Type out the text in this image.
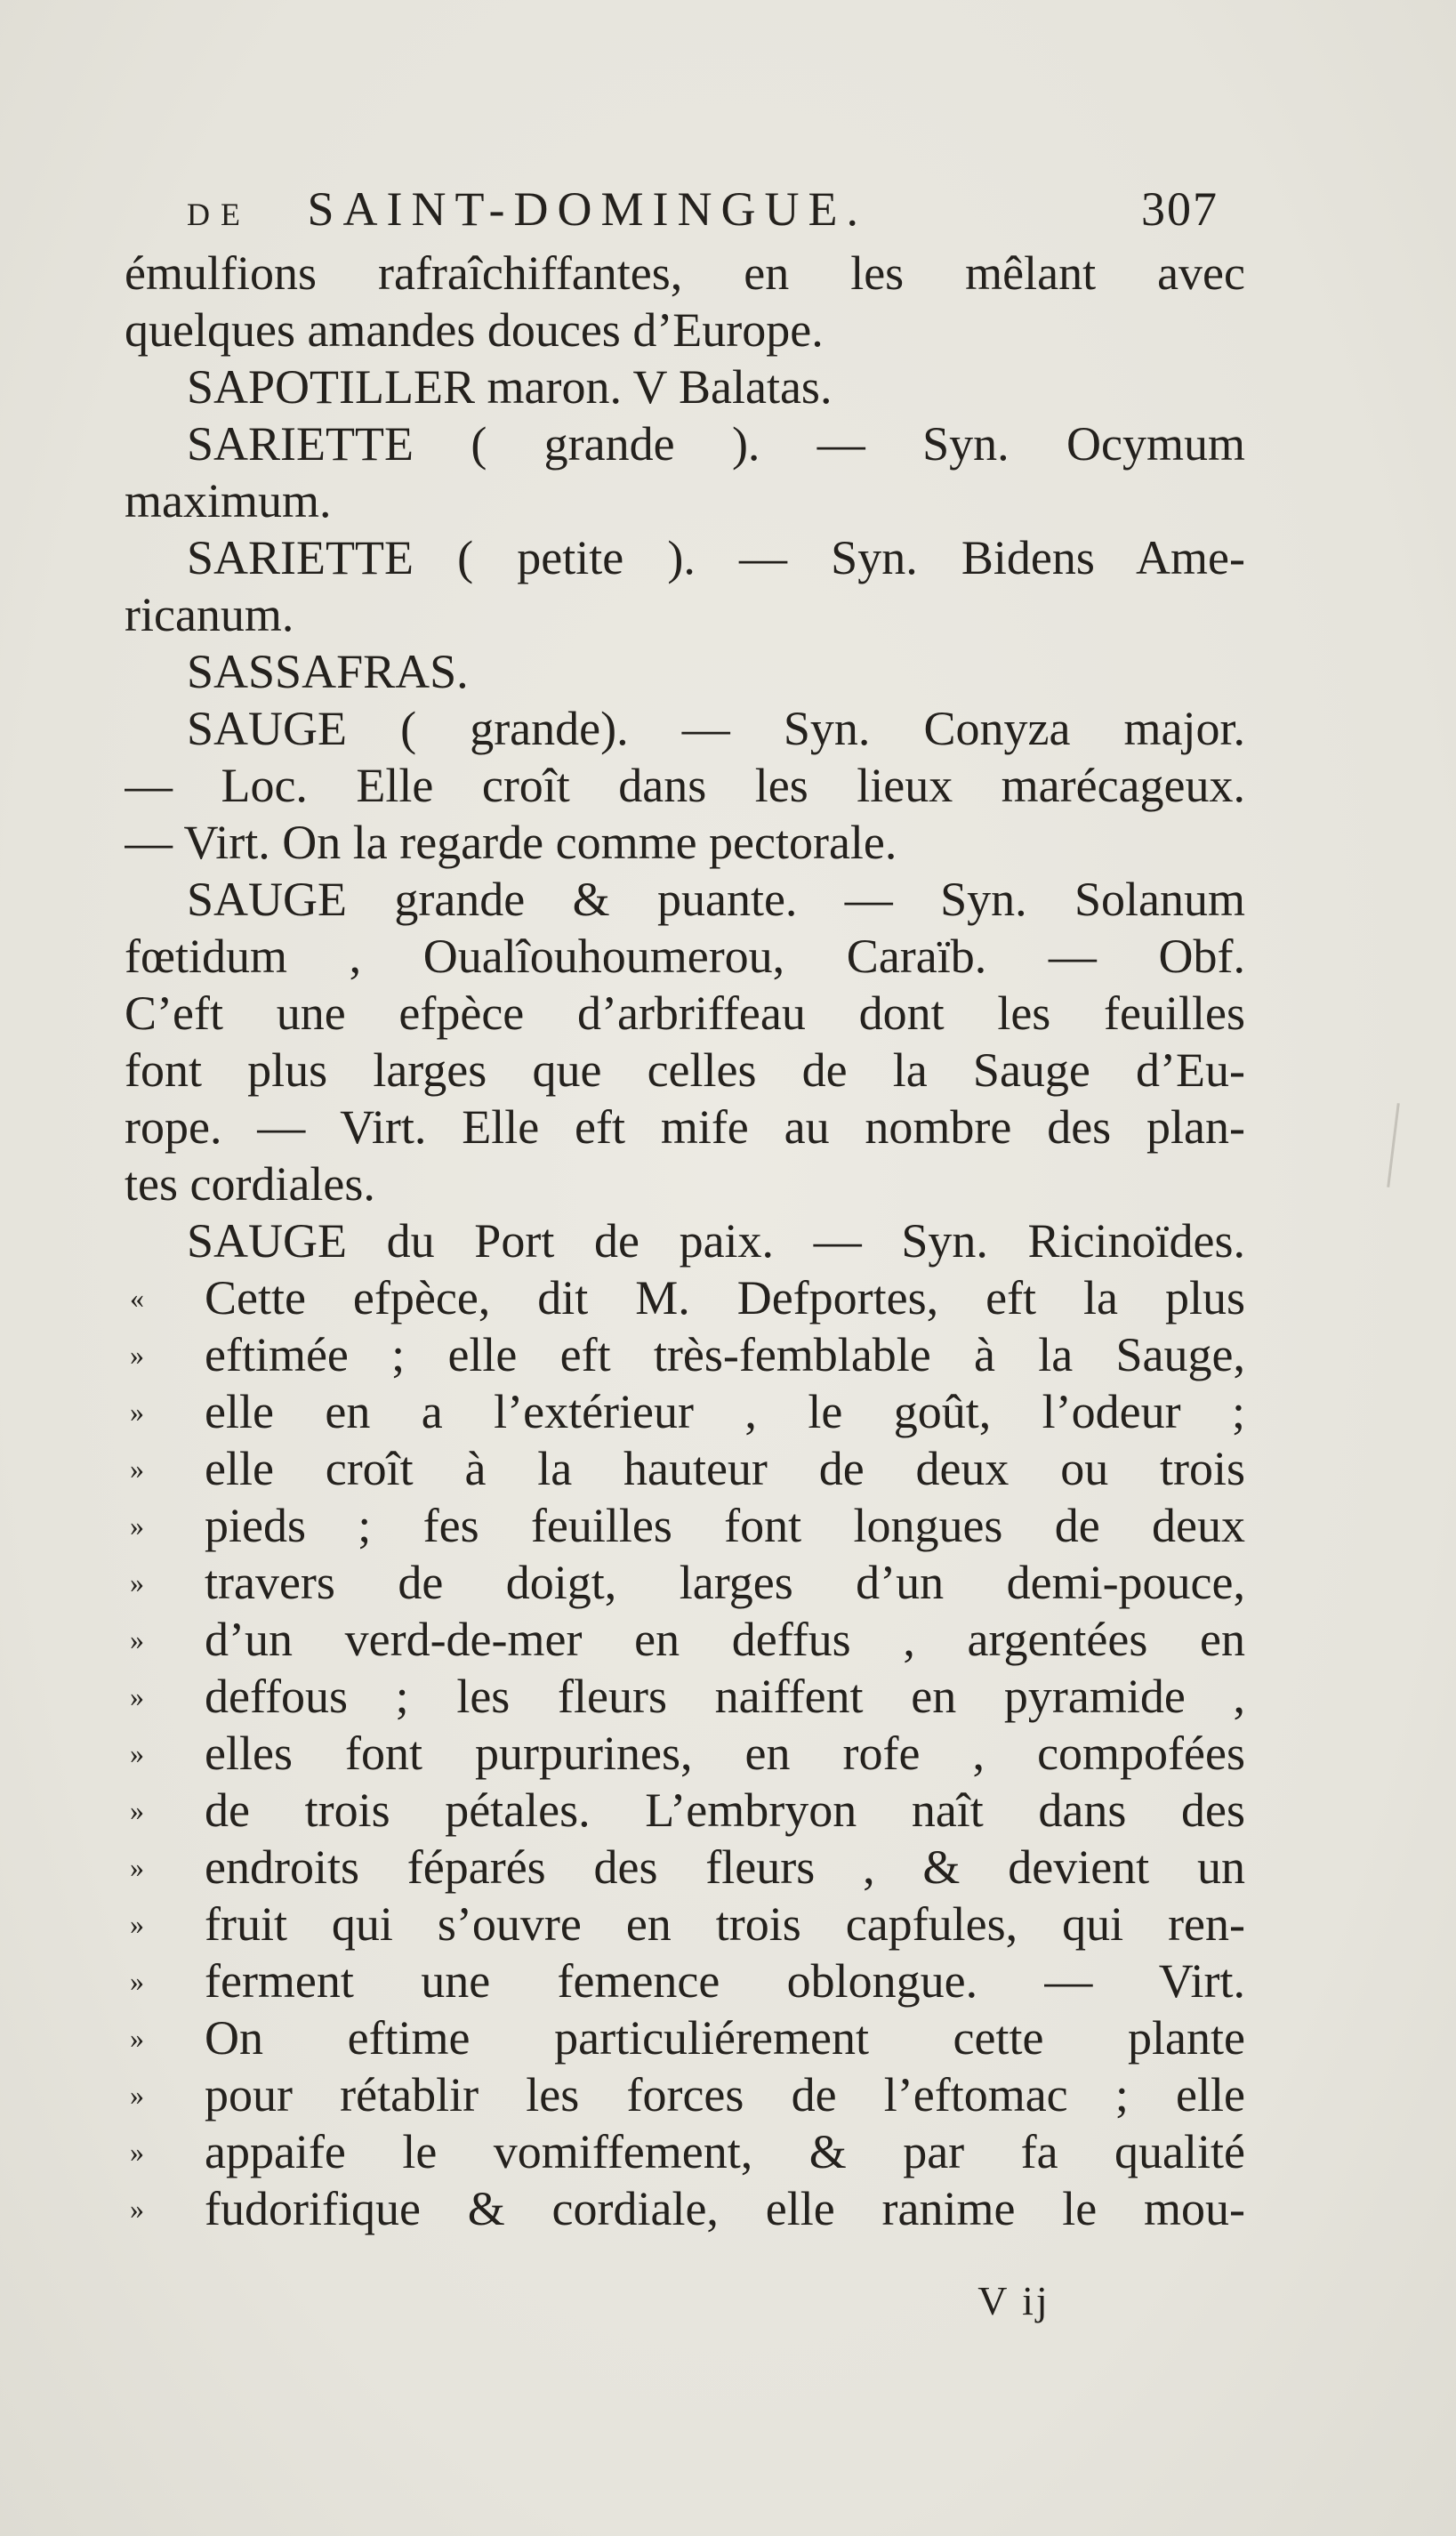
DE SAINT-DOMINGUE.	307
émulfions rafraîchiffantes, en les mêlant avec
quelques amandes douces d’Europe.
SAPOTILLER maron. V Balatas.
SARIETTE ( grande ). — Syn. Ocymum
maximum.
SARIETTE ( petite ). — Syn. Bidens Ame-
ricanum.
SASSAFRAS.
SAUGE ( grande). — Syn. Conyza major.
— Loc. Elle croît dans les lieux marécageux.
— Virt. On la regarde comme pectorale.
SAUGE grande & puante. — Syn. Solanum
fœtidum , Oualîouhoumerou, Caraïb. — Obf.
C’eft une efpèce d’arbriffeau dont les feuilles
font plus larges que celles de la Sauge d’Eu-
rope. — Virt. Elle eft mife au nombre des plan-
tes cordiales.
SAUGE du Port de paix. — Syn. Ricinoïdes.
«	Cette efpèce, dit M. Defportes, eft la plus
»	eftimée ; elle eft très-femblable à la Sauge,
»	elle en a l’extérieur , le goût, l’odeur ;
»	elle croît à la hauteur de deux ou trois
»	pieds ; fes feuilles font longues de deux
»	travers de doigt, larges d’un demi-pouce,
»	d’un verd-de-mer en deffus , argentées en
»	deffous ; les fleurs naiffent en pyramide ,
»	elles font purpurines, en rofe , compofées
»	de trois pétales. L’embryon naît dans des
»	endroits féparés des fleurs , & devient un
»	fruit qui s’ouvre en trois capfules, qui ren-
»	ferment une femence oblongue. — Virt.
»	On eftime particuliérement cette plante
»	pour rétablir les forces de l’eftomac ; elle
»	appaife le vomiffement, & par fa qualité
»	fudorifique & cordiale, elle ranime le mou-
V ij
